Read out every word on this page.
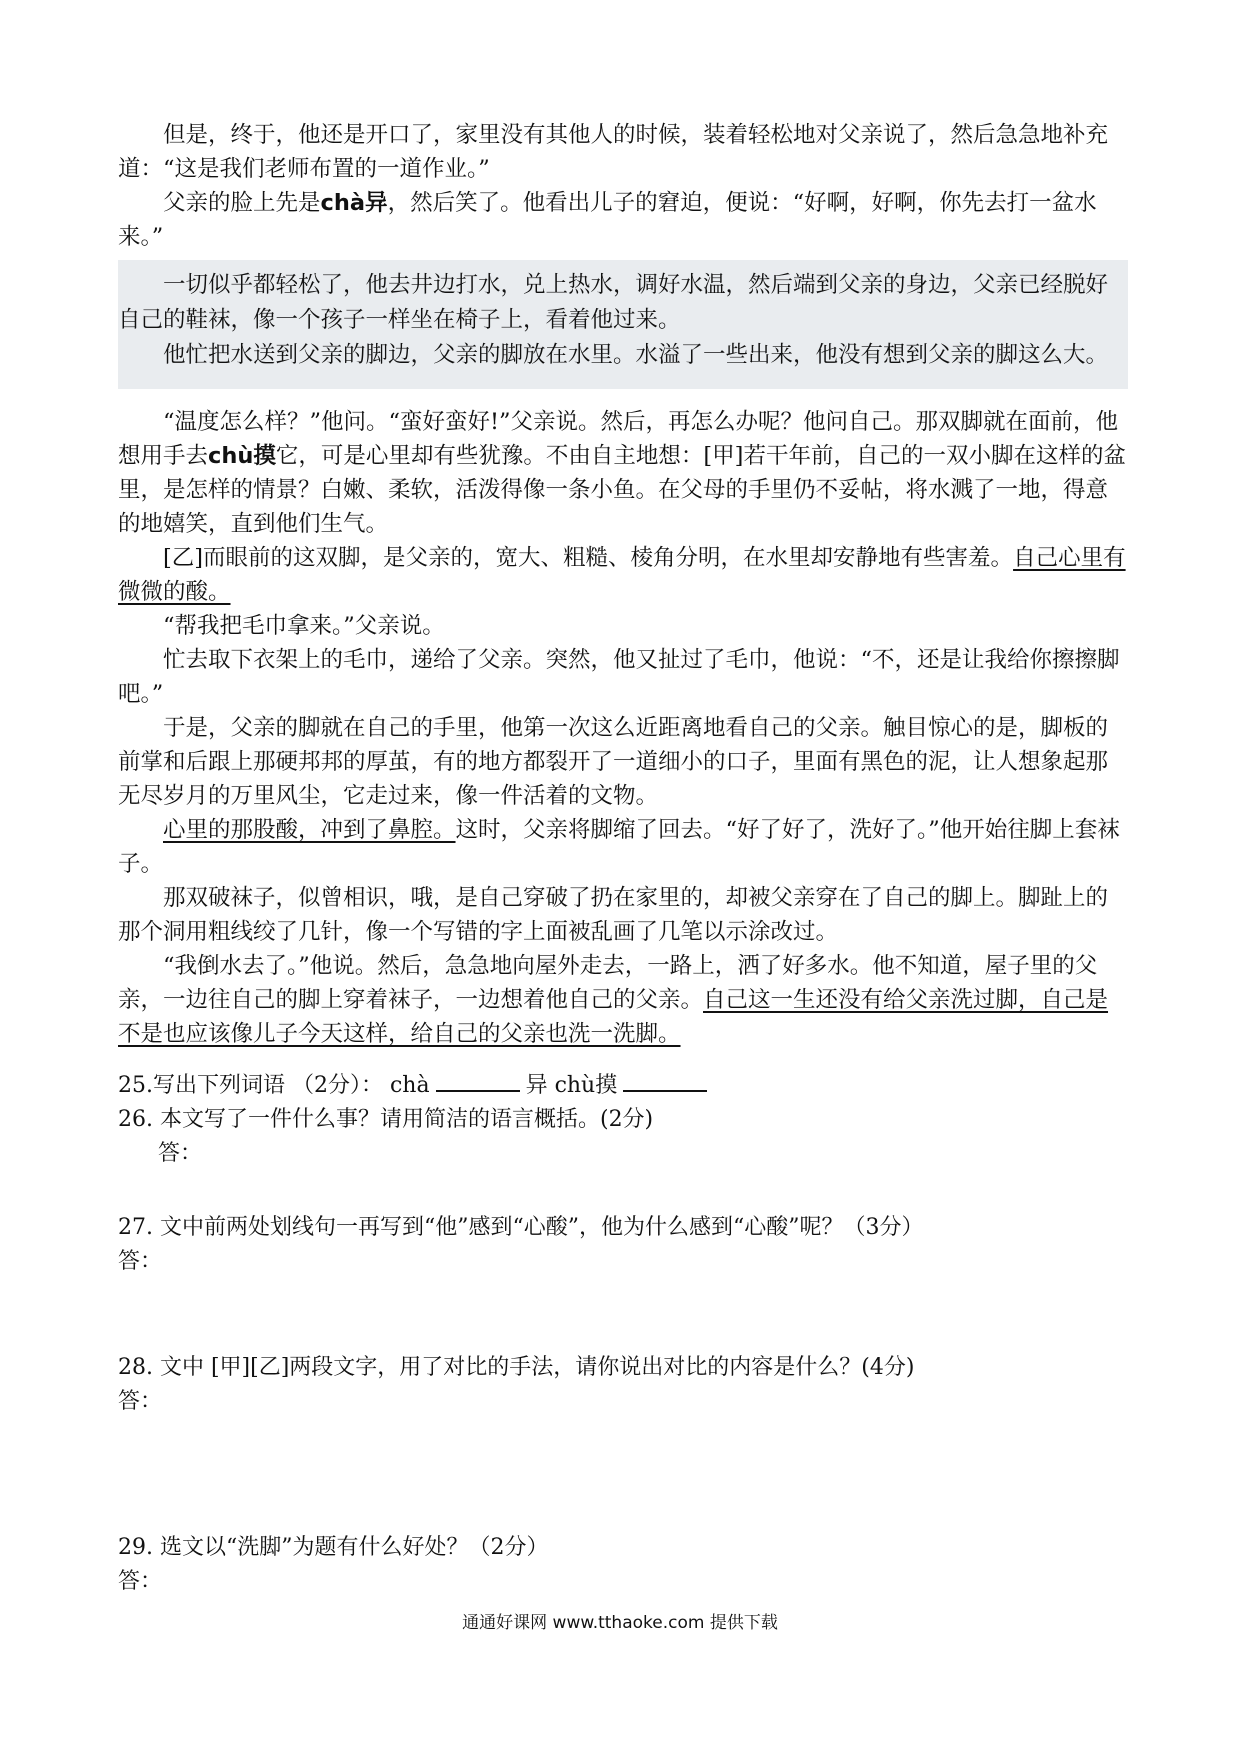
但是，终于，他还是开口了，家里没有其他人的时候，装着轻松地对父亲说了，然后急急地补充道：“这是我们老师布置的一道作业。”

父亲的脸上先是chà异，然后笑了。他看出儿子的窘迫，便说：“好啊，好啊，你先去打一盆水来。”

一切似乎都轻松了，他去井边打水，兑上热水，调好水温，然后端到父亲的身边，父亲已经脱好自己的鞋袜，像一个孩子一样坐在椅子上，看着他过来。

他忙把水送到父亲的脚边，父亲的脚放在水里。水溢了一些出来，他没有想到父亲的脚这么大。

“温度怎么样？”他问。“蛮好蛮好!”父亲说。然后，再怎么办呢？他问自己。那双脚就在面前，他想用手去chù摸它，可是心里却有些犹豫。不由自主地想：[甲]若干年前，自己的一双小脚在这样的盆里，是怎样的情景？白嫩、柔软，活泼得像一条小鱼。在父母的手里仍不妥帖，将水溅了一地，得意的地嬉笑，直到他们生气。

[乙]而眼前的这双脚，是父亲的，宽大、粗糙、棱角分明，在水里却安静地有些害羞。自己心里有微微的酸。

“帮我把毛巾拿来。”父亲说。

忙去取下衣架上的毛巾，递给了父亲。突然，他又扯过了毛巾，他说：“不，还是让我给你擦擦脚吧。”

于是，父亲的脚就在自己的手里，他第一次这么近距离地看自己的父亲。触目惊心的是，脚板的前掌和后跟上那硬邦邦的厚茧，有的地方都裂开了一道细小的口子，里面有黑色的泥，让人想象起那无尽岁月的万里风尘，它走过来，像一件活着的文物。

心里的那股酸，冲到了鼻腔。这时，父亲将脚缩了回去。“好了好了，洗好了。”他开始往脚上套袜子。

那双破袜子，似曾相识，哦，是自己穿破了扔在家里的，却被父亲穿在了自己的脚上。脚趾上的那个洞用粗线绞了几针，像一个写错的字上面被乱画了几笔以示涂改过。

“我倒水去了。”他说。然后，急急地向屋外走去，一路上，洒了好多水。他不知道，屋子里的父亲，一边往自己的脚上穿着袜子，一边想着他自己的父亲。自己这一生还没有给父亲洗过脚，自己是不是也应该像儿子今天这样，给自己的父亲也洗一洗脚。

25.写出下列词语 （2分）： chà	异 chù摸

26. 本文写了一件什么事？请用简洁的语言概括。(2分)

答：

27. 文中前两处划线句一再写到“他”感到“心酸”，他为什么感到“心酸”呢？（3分）

答：

28. 文中 [甲][乙]两段文字，用了对比的手法，请你说出对比的内容是什么？(4分)

答：

29. 选文以“洗脚”为题有什么好处？（2分）

答：

通通好课网 www.tthaoke.com 提供下载
